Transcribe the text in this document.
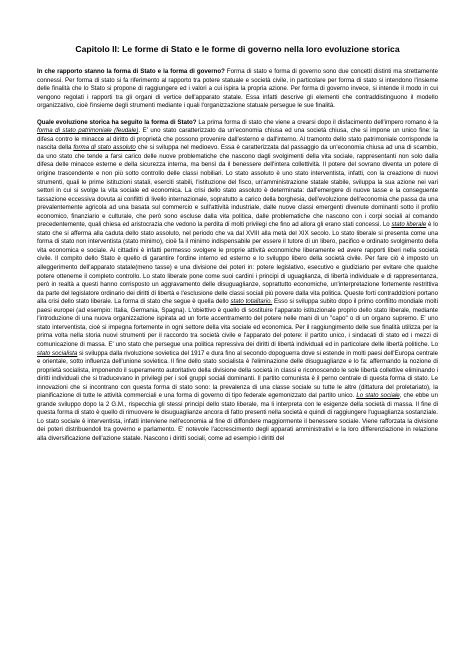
Capitolo II: Le forme di Stato e le forme di governo nella loro evoluzione storica

In che rapporto stanno la forma di Stato e la forma di governo? Forma di stato e forma di governo sono due concetti distinti ma strettamente connessi. Per forma di stato si fa riferimento al rapporto tra potere statuale e società civile, in particolare per forma di stato si intendono l'insieme delle finalità che lo Stato si propone di raggiungere ed i valori a cui ispira la propria azione. Per forma di governo invece, si intende il modo in cui vengono regolati i rapporti tra gli organi di vertice dell'apparato statale. Essa infatti descrive gli elementi che contraddistinguono il modello organizzativo, cioè l'insieme degli strumenti mediante i quali l'organizzazione statuale persegue le sue finalità.

Quale evoluzione storica ha seguito la forma di Stato? La prima forma di stato che viene a crearsi dopo il disfacimento dell'impero romano è la forma di stato patrimoniale (feudale). E' uno stato caratterizzato da un'economia chiusa ed una società chiusa, che si impone un unico fine: la difesa contro le minacce al diritto di proprietà che possono provenire dall'esterno e dall'interno. Al tramonto dello stato patrimoniale corrisponde la nascita della forma di stato assoluto che si sviluppa nel medioevo. Essa è caratterizzata dal passaggio da un'economia chiusa ad una di scambio, da uno stato che tende a farsi carico delle nuove problematiche che nascono dagli svolgimenti della vita sociale, rappresentanti non solo dalla difesa delle minacce esterne e della sicurezza interna, ma bensì da il benessere dell'intera collettività. Il potere del sovrano diventa un potere di origine trascendente e non più sotto controllo delle classi nobiliari. Lo stato assoluto è uno stato interventista, infatti, con la creazione di nuovi strumenti, quali le prime istituzioni statali, eserciti stabili, l'istituzione del fisco, un'amministrazione statale stabile, sviluppa la sua azione nei vari settori in cui si svolge la vita sociale ed economica. La crisi dello stato assoluto è determinata: dall'emergere di nuove tasse e la conseguente tassazione eccessiva dovuta ai conflitti di livello internazionale, sopratutto a carico della borghesia, dell'evoluzione dell'economia che passa da una prevalentemente agricola ad una basata sul commercio e sull'attività industriale, dalle nuove classi emergenti divenute dominanti sotto il profilo economico, finanziario e culturale, che però sono escluse dalla vita politica, dalle problematiche che nascono con i corpi sociali al comando precedentemente, quali chiesa ed aristocrazia che vedono la perdita di molti privilegi che fino ad allora gli erano stati concessi. Lo stato liberale è lo stato che si afferma alla caduta dello stato assoluto, nel periodo che va dal XVIII alla metà del XIX secolo. Lo stato liberale si presenta come una forma di stato non interventista (stato minimo), cioè fa il minimo indispensabile per essere il tutore di un libero, pacifico e ordinato svolgimento della vita economica e sociale. Ai cittadini è infatti permesso svolgere le proprie attività economiche liberamente ed avere rapporti liberi nella società civile. Il compito dello Stato è quello di garantire l'ordine interno ed esterno e lo sviluppo libero della società civile. Per fare ciò è imposto un alleggerimento dell'apparato statale(meno tasse) e una divisione dei poteri in: potere legislativo, esecutivo e giudiziario per evitare che qualche potere otteneme il completo controllo. Lo stato liberale pone come suoi cardini i principi di uguaglianza, di libertà individuale e di rappresentanza, però in realtà a questi hanno corrisposto un aggravamento delle disuguaglianze, soprattutto economiche, un'interpretazione fortemente restrittiva da parte del legislatore ordinario dei diritti di libertà e l'esclusione delle classi sociali più povere dalla vita politica. Queste forti contraddizioni portano alla crisi dello stato liberale. La forma di stato che segue è quella dello stato totalitario. Esso si sviluppa subito dopo il primo conflitto mondiale molti paesi europei (ad esempio: Italia, Germania, Spagna). L'obiettivo è quello di sostituire l'apparato istituzionale proprio dello stato liberale, mediante l'introduzione di una nuova organizzazione ispirata ad un forte accentramento del potere nelle mani di un "capo" o di un organo supremo. E' uno stato interventista, cioè si impegna fortemente in ogni settore della vita sociale ed economica. Per il raggiungimento delle sue finalità utilizza per la prima volta nella storia nuovi strumenti per il raccordo tra società civile e l'apparato del potere: il partito unico, i sindacati di stato ed i mezzi di comunicazione di massa. E' uno stato che persegue una politica repressiva dei diritti di libertà individuali ed in particolare delle libertà politiche. Lo stato socialista si sviluppa dalla rivoluzione sovietica del 1917 e dura fino al secondo dopoguerra dove si estende in molti paesi dell'Europa centrale e orientale, sotto influenza dell'unione sovietica. Il fine dello stato socialista è l'eliminazione delle disuguaglianze e lo fa: affermando la nozione di proprietà socialista, imponendo il superamento autoritativo della divisione della società in classi e riconoscendo le sole libertà collettive eliminando i diritti individuali che si traducevano in privilegi per i soli gruppi sociali dominanti. Il partito comunista è il perno centrale di questa forma di stato. Le innovazioni che si incontrano con questa forma di stato sono: la prevalenza di una classe sociale su tutte le altre (dittatura del proletariato), la pianificazione di tutte le attività commerciali e una forma di governo di tipo federale egemonizzato dal partito unico. Lo stato sociale, che ebbe un grande sviluppo dopo la 2 G.M., rispecchia gli stessi principi dello stato liberale, ma li interpreta con le esigenze della società di massa. Il fine di questa forma di stato è quello di rimuovere le disuguaglianze ancora di fatto presenti nella società e quindi di raggiungere l'uguaglianza sostanziale. Lo stato sociale è interventista, infatti interviene nell'economia al fine di diffondere maggiormente il benessere sociale. Viene rafforzata la divisione dei poteri distribuendoli tra governo e parlamento. E' notevole l'accrescimento degli apparati amministrativi e la loro differenziazione in relazione alla diversificazione dell'azione statale. Nascono i diritti sociali, come ad esempio i diritti del
